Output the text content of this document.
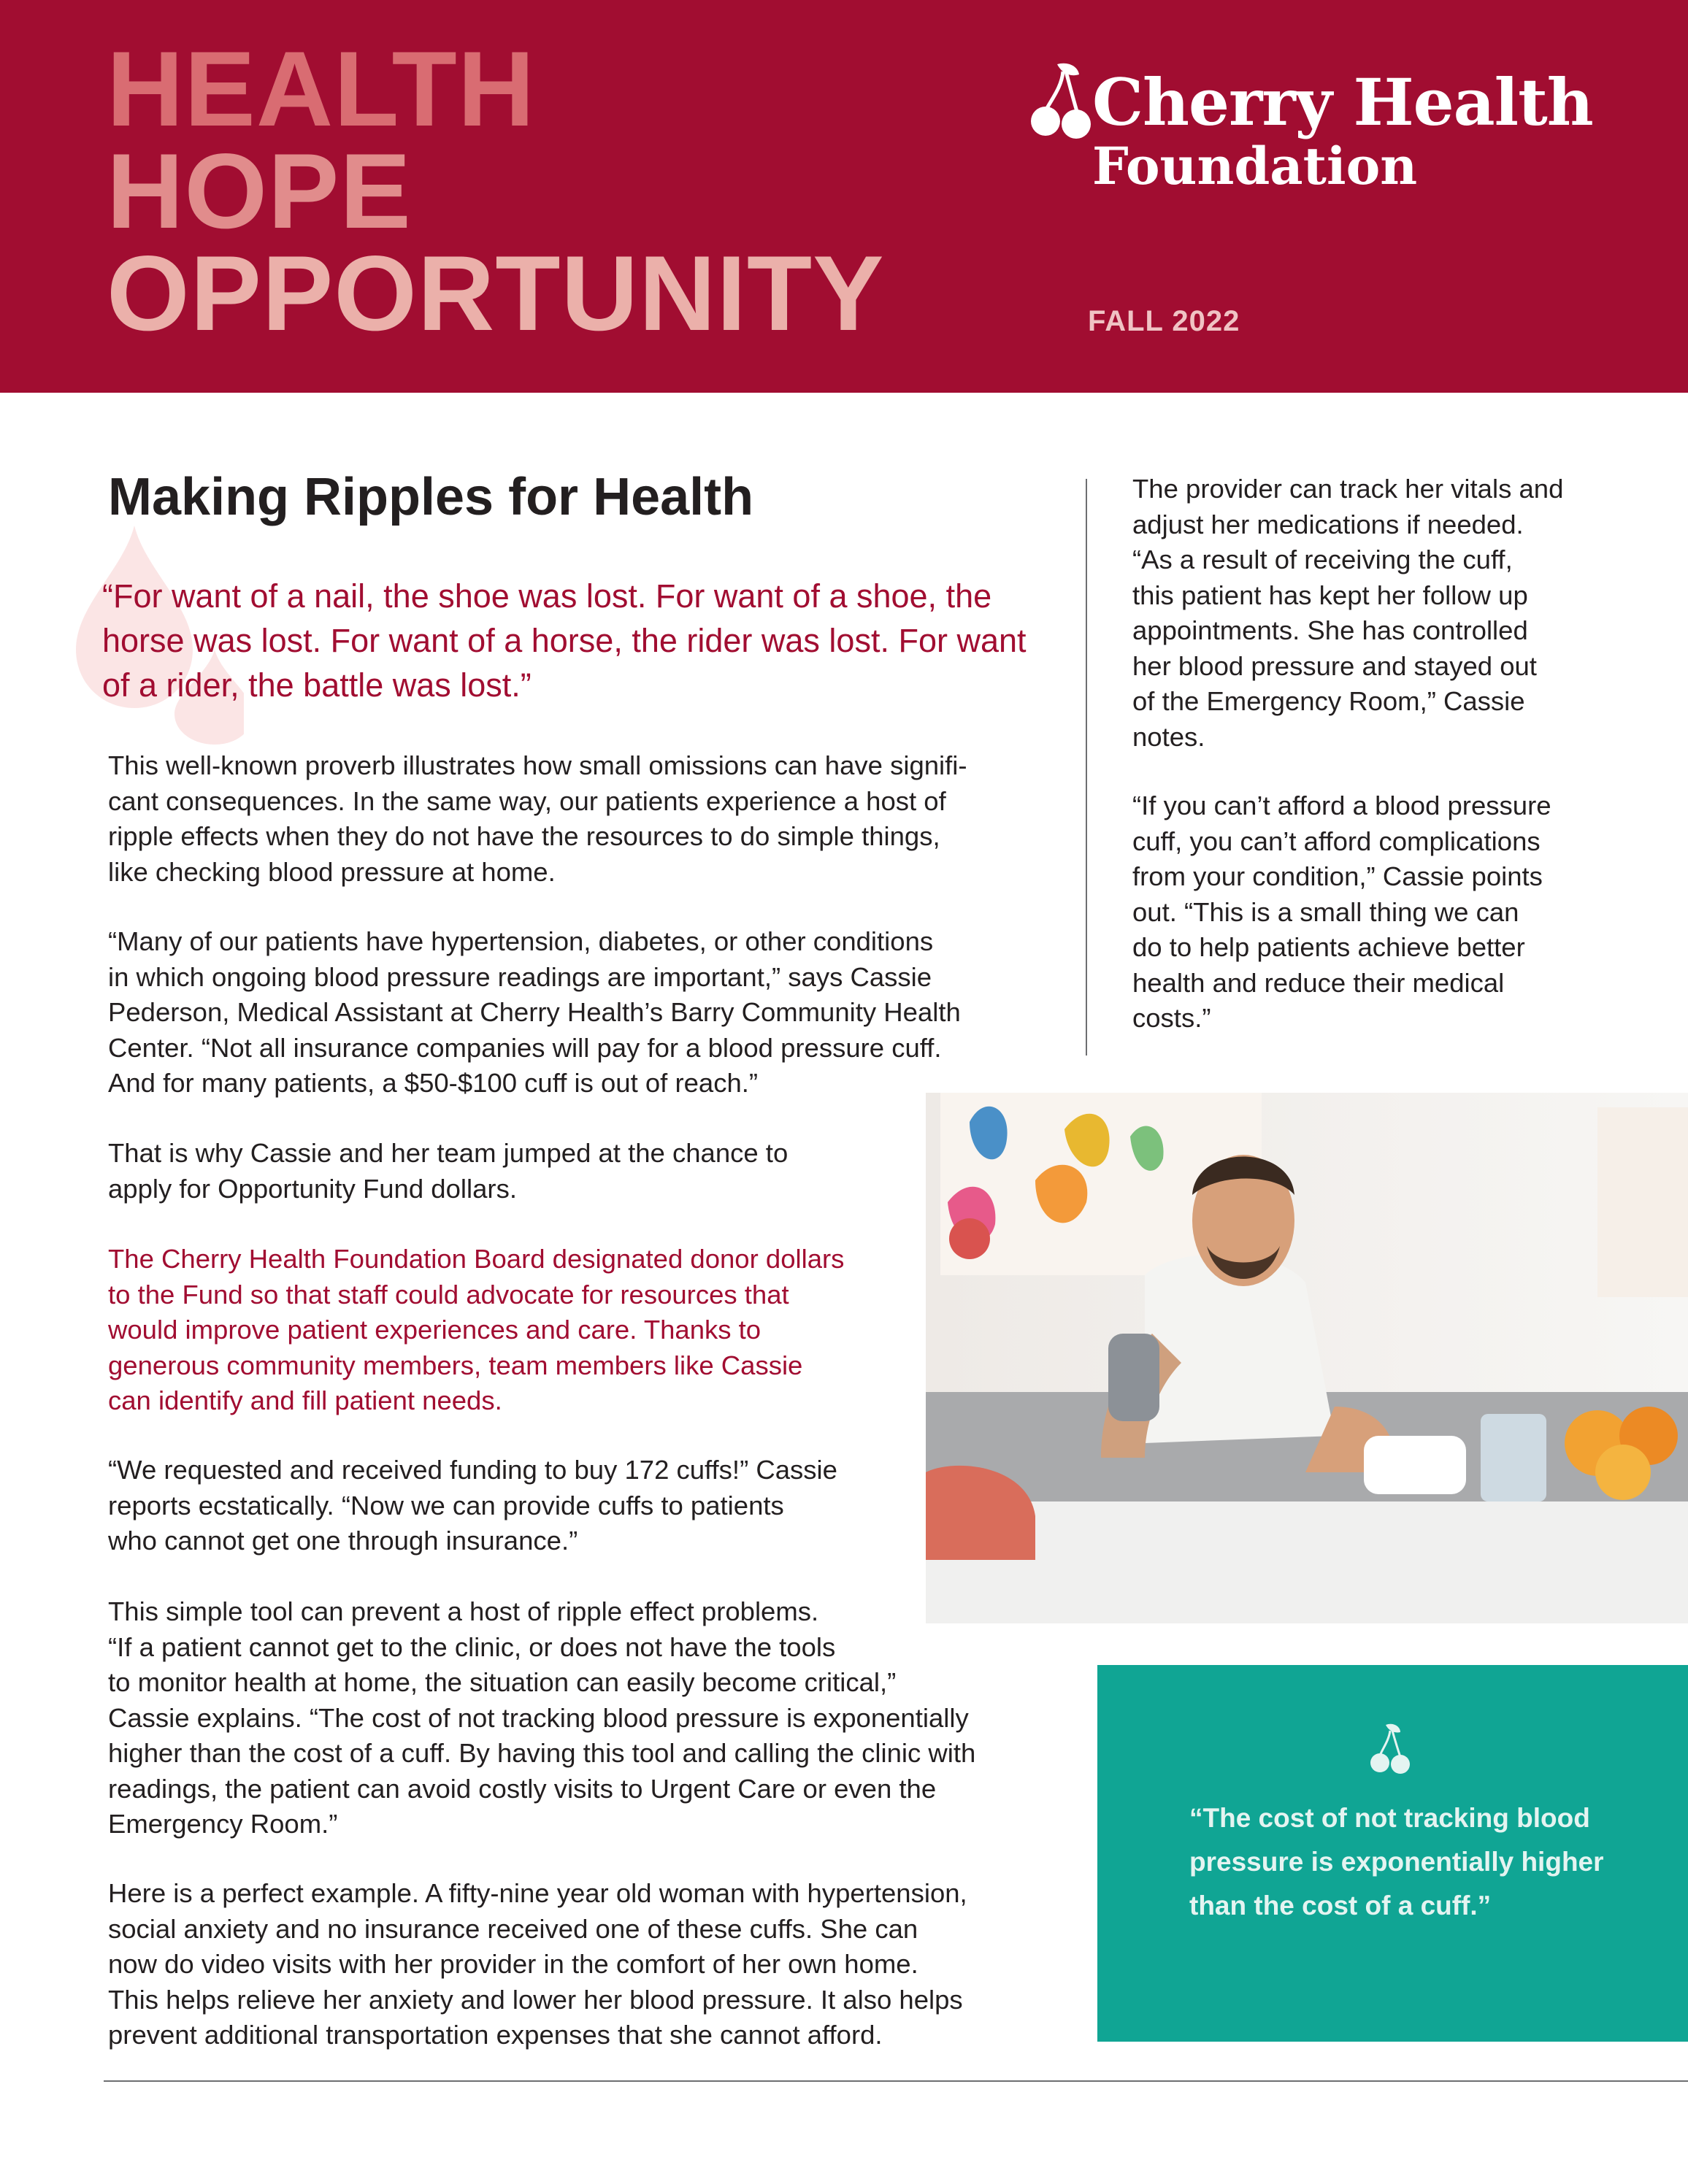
HEALTH
HOPE
OPPORTUNITY
Cherry Health
Foundation
FALL 2022
Making Ripples for Health

“For want of a nail, the shoe was lost. For want of a shoe, the horse was lost. For want of a horse, the rider was lost. For want of a rider, the battle was lost.”

This well-known proverb illustrates how small omissions can have signifi-
cant consequences. In the same way, our patients experience a host of
ripple effects when they do not have the resources to do simple things,
like checking blood pressure at home.

“Many of our patients have hypertension, diabetes, or other conditions
in which ongoing blood pressure readings are important,” says Cassie
Pederson, Medical Assistant at Cherry Health’s Barry Community Health
Center. “Not all insurance companies will pay for a blood pressure cuff.
And for many patients, a $50-$100 cuff is out of reach.”

That is why Cassie and her team jumped at the chance to
apply for Opportunity Fund dollars.

The Cherry Health Foundation Board designated donor dollars
to the Fund so that staff could advocate for resources that
would improve patient experiences and care. Thanks to
generous community members, team members like Cassie
can identify and fill patient needs.

“We requested and received funding to buy 172 cuffs!” Cassie
reports ecstatically. “Now we can provide cuffs to patients
who cannot get one through insurance.”

This simple tool can prevent a host of ripple effect problems.
“If a patient cannot get to the clinic, or does not have the tools
to monitor health at home, the situation can easily become critical,”
Cassie explains. “The cost of not tracking blood pressure is exponentially
higher than the cost of a cuff. By having this tool and calling the clinic with
readings, the patient can avoid costly visits to Urgent Care or even the
Emergency Room.”

Here is a perfect example. A fifty-nine year old woman with hypertension,
social anxiety and no insurance received one of these cuffs. She can
now do video visits with her provider in the comfort of her own home.
This helps relieve her anxiety and lower her blood pressure. It also helps
prevent additional transportation expenses that she cannot afford.

The provider can track her vitals and
adjust her medications if needed.
“As a result of receiving the cuff,
this patient has kept her follow up
appointments. She has controlled
her blood pressure and stayed out
of the Emergency Room,” Cassie
notes.

“If you can’t afford a blood pressure
cuff, you can’t afford complications
from your condition,” Cassie points
out. “This is a small thing we can
do to help patients achieve better
health and reduce their medical
costs.”

“The cost of not tracking blood pressure is exponentially higher than the cost of a cuff.”
